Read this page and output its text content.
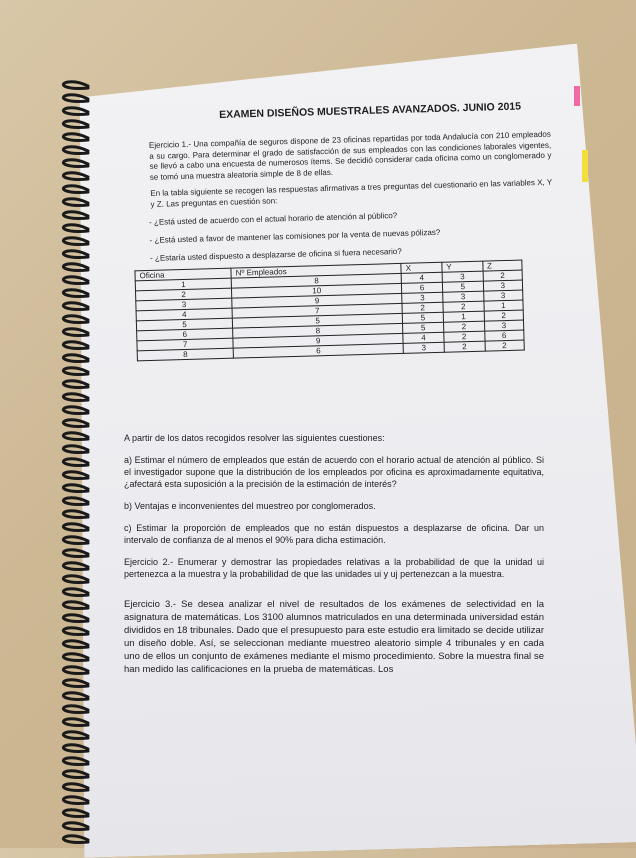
EXAMEN DISEÑOS MUESTRALES AVANZADOS. JUNIO 2015
Ejercicio 1.- Una compañía de seguros dispone de 23 oficinas repartidas por toda Andalucía con 210 empleados a su cargo. Para determinar el grado de satisfacción de sus empleados con las condiciones laborales vigentes, se llevó a cabo una encuesta de numerosos ítems. Se decidió considerar cada oficina como un conglomerado y se tomó una muestra aleatoria simple de 8 de ellas.
En la tabla siguiente se recogen las respuestas afirmativas a tres preguntas del cuestionario en las variables X, Y y Z. Las preguntas en cuestión son:
- ¿Está usted de acuerdo con el actual horario de atención al público?
- ¿Está usted a favor de mantener las comisiones por la venta de nuevas pólizas?
- ¿Estaría usted dispuesto a desplazarse de oficina si fuera necesario?
Oficina	Nº Empleados	X	Y	Z
1	8	4	3	2
2	10	6	5	3
3	9	3	3	3
4	7	2	2	1
5	5	5	1	2
6	8	5	2	3
7	9	4	2	6
8	6	3	2	2
A partir de los datos recogidos resolver las siguientes cuestiones:
a) Estimar el número de empleados que están de acuerdo con el horario actual de atención al público. Si el investigador supone que la distribución de los empleados por oficina es aproximadamente equitativa, ¿afectará esta suposición a la precisión de la estimación de interés?
b) Ventajas e inconvenientes del muestreo por conglomerados.
c) Estimar la proporción de empleados que no están dispuestos a desplazarse de oficina. Dar un intervalo de confianza de al menos el 90% para dicha estimación.
Ejercicio 2.- Enumerar y demostrar las propiedades relativas a la probabilidad de que la unidad ui pertenezca a la muestra y la probabilidad de que las unidades ui y uj pertenezcan a la muestra.
Ejercicio 3.- Se desea analizar el nivel de resultados de los exámenes de selectividad en la asignatura de matemáticas. Los 3100 alumnos matriculados en una determinada universidad están divididos en 18 tribunales. Dado que el presupuesto para este estudio era limitado se decide utilizar un diseño doble. Así, se seleccionan mediante muestreo aleatorio simple 4 tribunales y en cada uno de ellos un conjunto de exámenes mediante el mismo procedimiento. Sobre la muestra final se han medido las calificaciones en la prueba de matemáticas. Los
